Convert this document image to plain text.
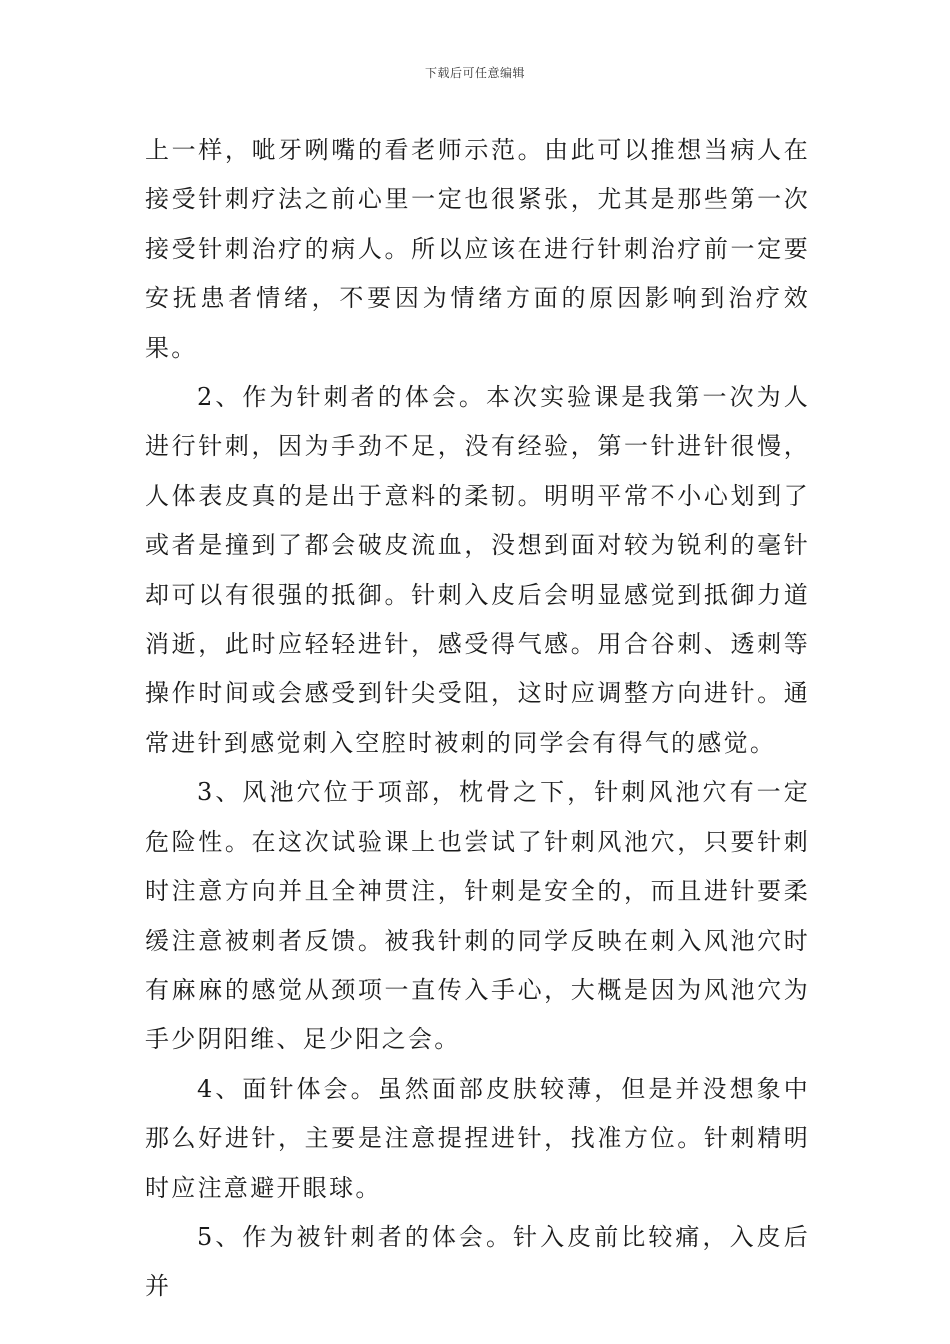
下载后可任意编辑

上一样，呲牙咧嘴的看老师示范。由此可以推想当病人在接受针刺疗法之前心里一定也很紧张，尤其是那些第一次接受针刺治疗的病人。所以应该在进行针刺治疗前一定要安抚患者情绪，不要因为情绪方面的原因影响到治疗效果。

2、作为针刺者的体会。本次实验课是我第一次为人进行针刺，因为手劲不足，没有经验，第一针进针很慢，人体表皮真的是出于意料的柔韧。明明平常不小心划到了或者是撞到了都会破皮流血，没想到面对较为锐利的毫针却可以有很强的抵御。针刺入皮后会明显感觉到抵御力道消逝，此时应轻轻进针，感受得气感。用合谷刺、透刺等操作时间或会感受到针尖受阻，这时应调整方向进针。通常进针到感觉刺入空腔时被刺的同学会有得气的感觉。

3、风池穴位于项部，枕骨之下，针刺风池穴有一定危险性。在这次试验课上也尝试了针刺风池穴，只要针刺时注意方向并且全神贯注，针刺是安全的，而且进针要柔缓注意被刺者反馈。被我针刺的同学反映在刺入风池穴时有麻麻的感觉从颈项一直传入手心，大概是因为风池穴为手少阴阳维、足少阳之会。

4、面针体会。虽然面部皮肤较薄，但是并没想象中那么好进针，主要是注意提捏进针，找准方位。针刺精明时应注意避开眼球。

5、作为被针刺者的体会。针入皮前比较痛，入皮后并
